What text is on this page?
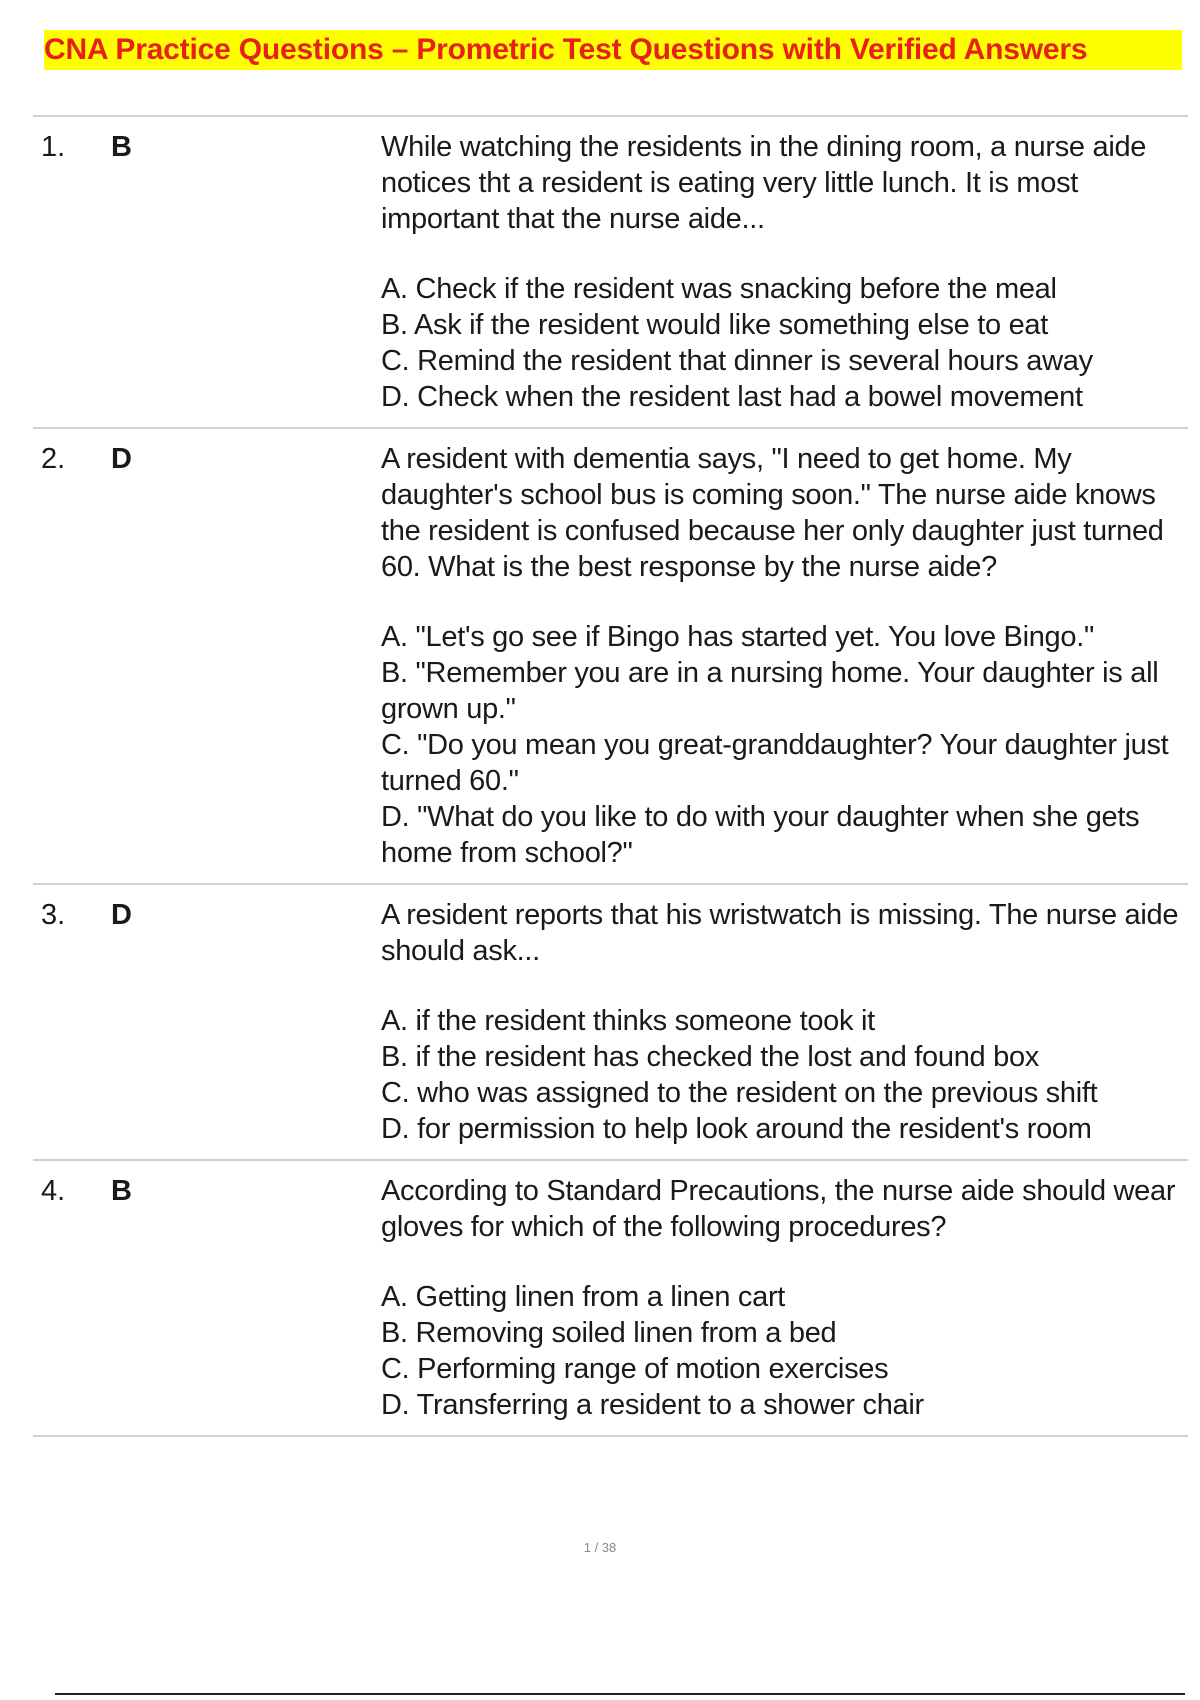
CNA Practice Questions – Prometric Test Questions with Verified Answers
1. B	While watching the residents in the dining room, a nurse aide notices tht a resident is eating very little lunch. It is most important that the nurse aide...

A. Check if the resident was snacking before the meal

B. Ask if the resident would like something else to eat

C. Remind the resident that dinner is several hours away

D. Check when the resident last had a bowel movement

2. D	A resident with dementia says, "I need to get home. My daughter's school bus is coming soon." The nurse aide knows the resident is confused because her only daughter just turned 60. What is the best response by the nurse aide?

A. "Let's go see if Bingo has started yet. You love Bingo."

B. "Remember you are in a nursing home. Your daughter is all grown up."

C. "Do you mean you great-granddaughter? Your daughter just turned 60."

D. "What do you like to do with your daughter when she gets home from school?"

3. D	A resident reports that his wristwatch is missing. The nurse aide should ask...

A. if the resident thinks someone took it

B. if the resident has checked the lost and found box

C. who was assigned to the resident on the previous shift

D. for permission to help look around the resident's room

4. B	According to Standard Precautions, the nurse aide should wear gloves for which of the following procedures?

A. Getting linen from a linen cart

B. Removing soiled linen from a bed

C. Performing range of motion exercises

D. Transferring a resident to a shower chair

1 / 38
